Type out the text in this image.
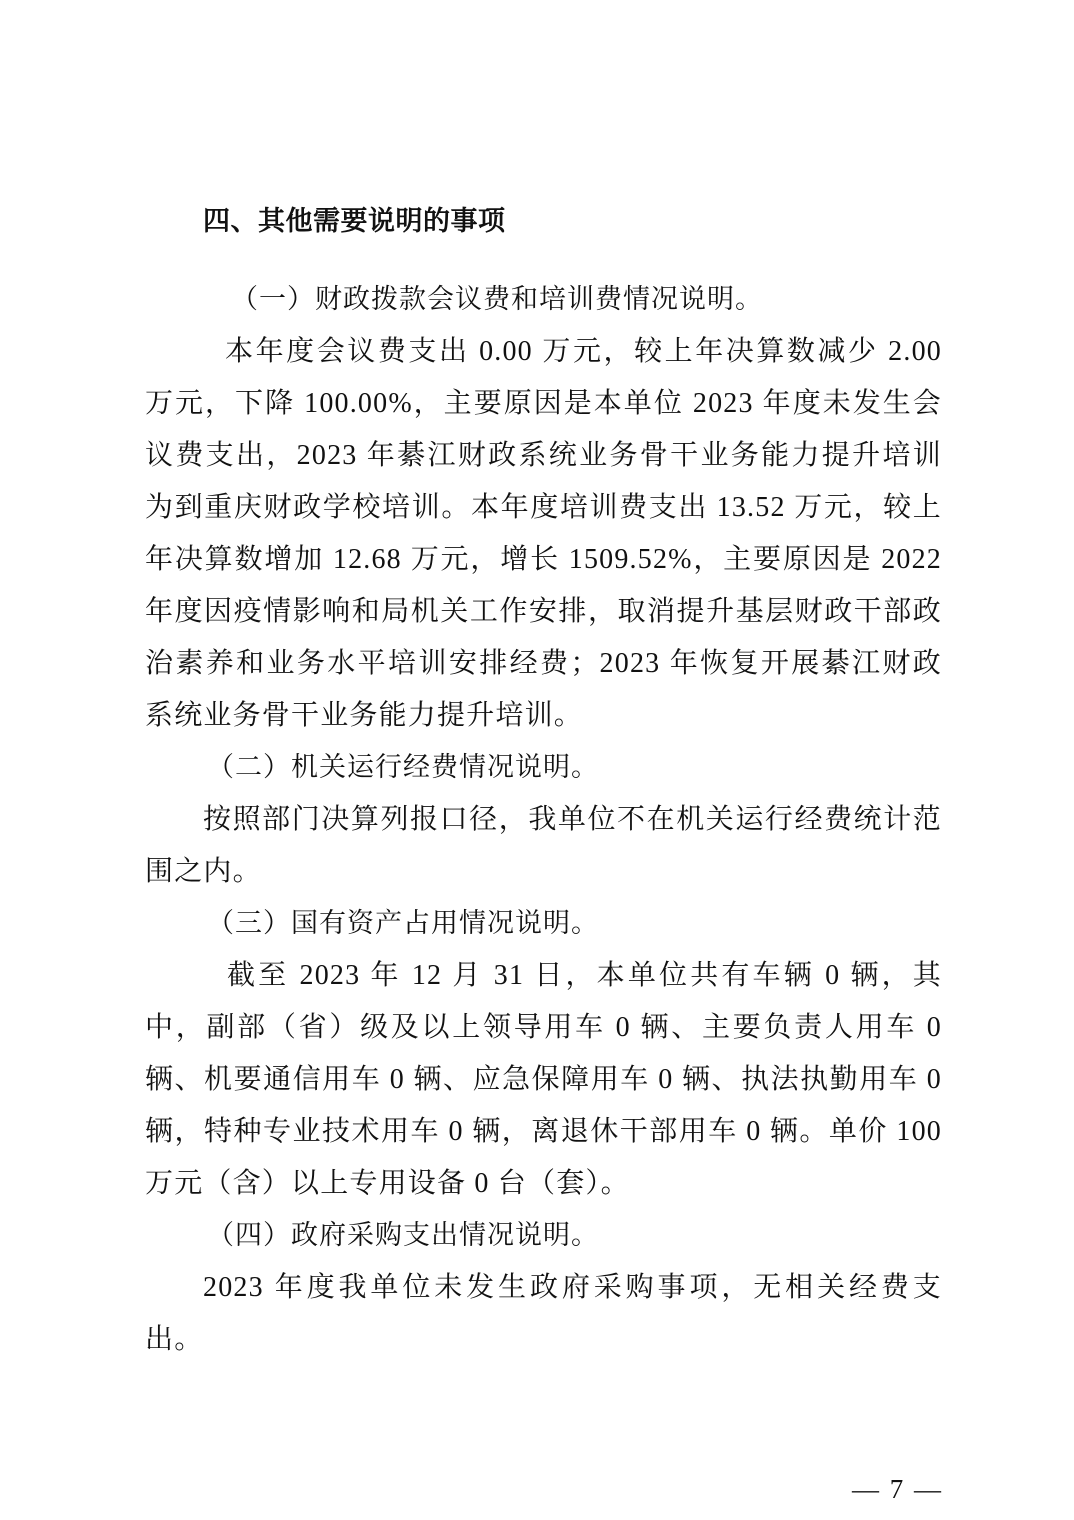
四、其他需要说明的事项

（一）财政拨款会议费和培训费情况说明。

本年度会议费支出 0.00 万元，较上年决算数减少 2.00 万元，下降 100.00%，主要原因是本单位 2023 年度未发生会议费支出，2023 年綦江财政系统业务骨干业务能力提升培训为到重庆财政学校培训。本年度培训费支出 13.52 万元，较上年决算数增加 12.68 万元，增长 1509.52%，主要原因是 2022 年度因疫情影响和局机关工作安排，取消提升基层财政干部政治素养和业务水平培训安排经费；2023 年恢复开展綦江财政系统业务骨干业务能力提升培训。

（二）机关运行经费情况说明。

按照部门决算列报口径，我单位不在机关运行经费统计范围之内。

（三）国有资产占用情况说明。

截至 2023 年 12 月 31 日，本单位共有车辆 0 辆，其中，副部（省）级及以上领导用车 0 辆、主要负责人用车 0 辆、机要通信用车 0 辆、应急保障用车 0 辆、执法执勤用车 0 辆，特种专业技术用车 0 辆，离退休干部用车 0 辆。单价 100 万元（含）以上专用设备 0 台（套）。

（四）政府采购支出情况说明。

2023 年度我单位未发生政府采购事项，无相关经费支出。

— 7 —
